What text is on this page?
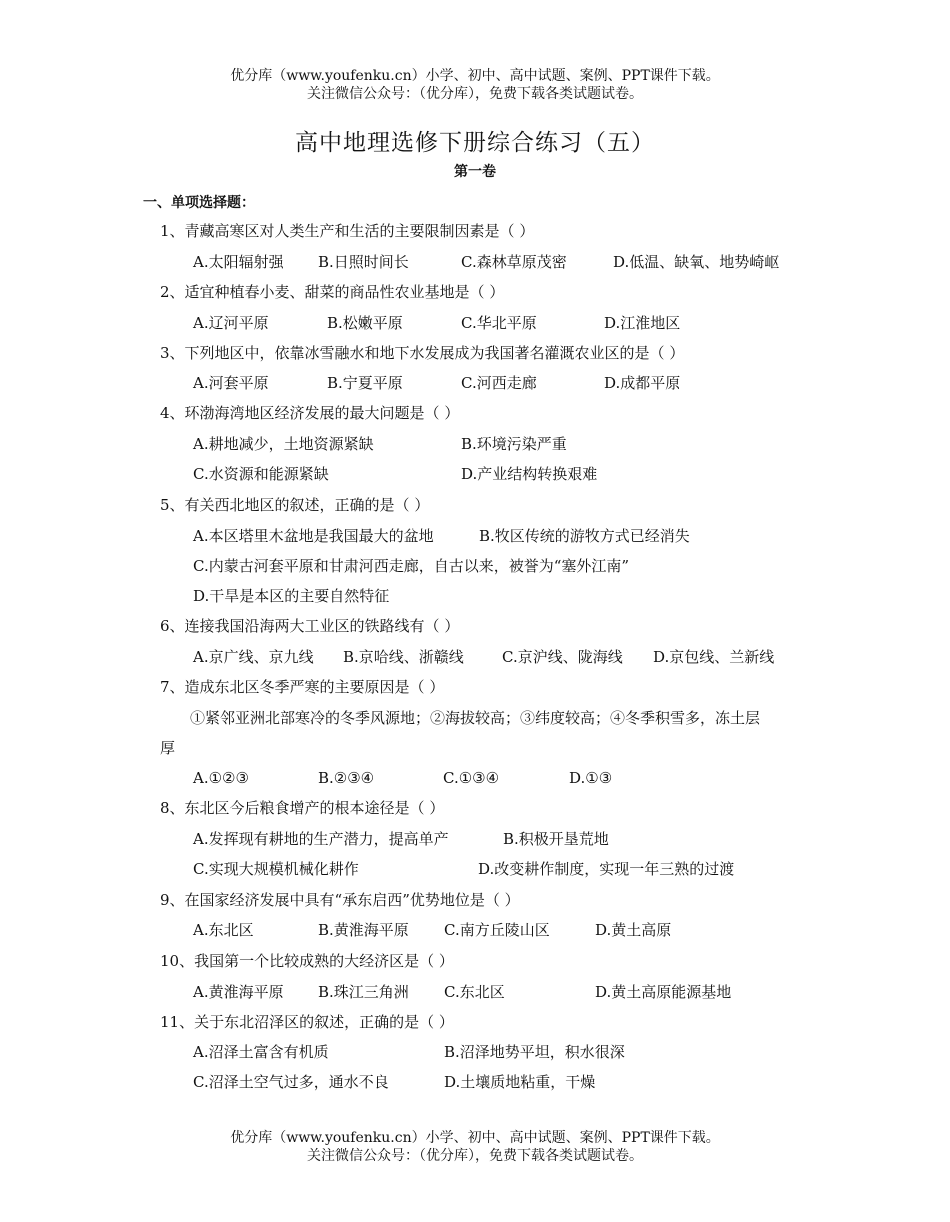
优分库（www.youfenku.cn）小学、初中、高中试题、案例、PPT课件下载。
关注微信公众号：（优分库），免费下载各类试题试卷。
高中地理选修下册综合练习（五）
第一卷
一、单项选择题：
1、青藏高寒区对人类生产和生活的主要限制因素是（ ）
A.太阳辐射强 B.日照时间长	C.森林草原茂密	D.低温、缺氧、地势崎岖
2、适宜种植春小麦、甜菜的商品性农业基地是（ ）
A.辽河平原	B.松嫩平原	C.华北平原	D.江淮地区
3、下列地区中，依靠冰雪融水和地下水发展成为我国著名灌溉农业区的是（ ）
A.河套平原	B.宁夏平原	C.河西走廊	D.成都平原
4、环渤海湾地区经济发展的最大问题是（ ）
A.耕地减少，土地资源紧缺	B.环境污染严重
C.水资源和能源紧缺	D.产业结构转换艰难
5、有关西北地区的叙述，正确的是（ ）
A.本区塔里木盆地是我国最大的盆地	B.牧区传统的游牧方式已经消失
C.内蒙古河套平原和甘肃河西走廊，自古以来，被誉为“塞外江南”
D.干旱是本区的主要自然特征
6、连接我国沿海两大工业区的铁路线有（ ）
A.京广线、京九线 B.京哈线、浙赣线	C.京沪线、陇海线 D.京包线、兰新线
7、造成东北区冬季严寒的主要原因是（ ）
①紧邻亚洲北部寒冷的冬季风源地；②海拔较高；③纬度较高；④冬季积雪多，冻土层
厚
A.①②③	B.②③④	C.①③④	D.①③
8、东北区今后粮食增产的根本途径是（ ）
A.发挥现有耕地的生产潜力，提高单产	B.积极开垦荒地
C.实现大规模机械化耕作	D.改变耕作制度，实现一年三熟的过渡
9、在国家经济发展中具有“承东启西”优势地位是（ ）
A.东北区	B.黄淮海平原 C.南方丘陵山区	D.黄土高原
10、我国第一个比较成熟的大经济区是（ ）
A.黄淮海平原 B.珠江三角洲 C.东北区	D.黄土高原能源基地
11、关于东北沼泽区的叙述，正确的是（ ）
A.沼泽土富含有机质	B.沼泽地势平坦，积水很深
C.沼泽土空气过多，通水不良	D.土壤质地粘重，干燥
优分库（www.youfenku.cn）小学、初中、高中试题、案例、PPT课件下载。
关注微信公众号：（优分库），免费下载各类试题试卷。
